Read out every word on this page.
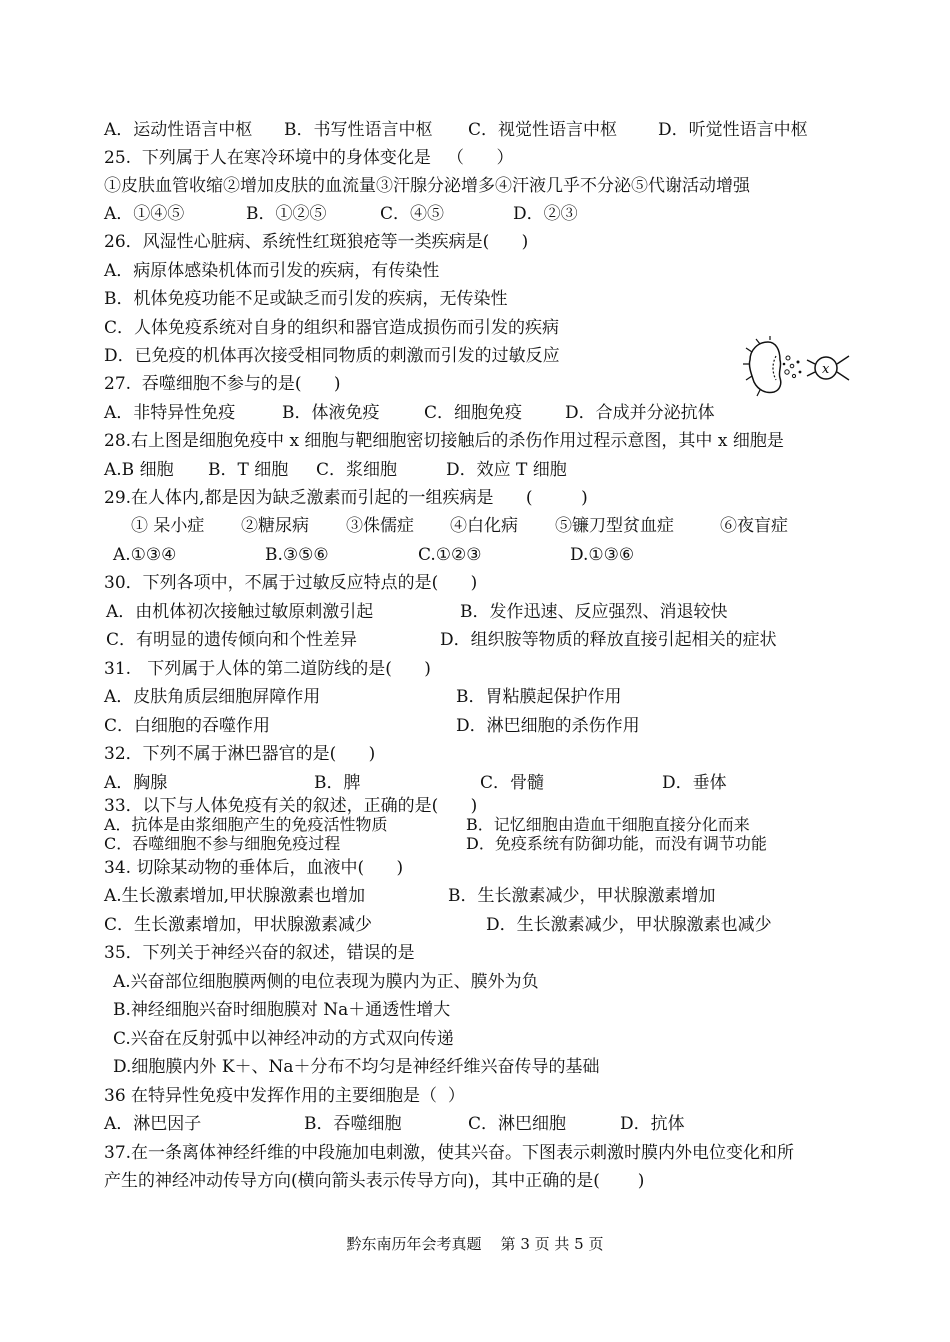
A．运动性语言中枢 B．书写性语言中枢 C．视觉性语言中枢 D．听觉性语言中枢
25.  下列属于人在寒冷环境中的身体变化是   （      ）
①皮肤血管收缩②增加皮肤的血流量③汗腺分泌增多④汗液几乎不分泌⑤代谢活动增强
A．①④⑤	B．①②⑤	C．④⑤	D．②③
26．风湿性心脏病、系统性红斑狼疮等一类疾病是(      )
A．病原体感染机体而引发的疾病，有传染性
B．机体免疫功能不足或缺乏而引发的疾病，无传染性
C．人体免疫系统对自身的组织和器官造成损伤而引发的疾病
D．已免疫的机体再次接受相同物质的刺激而引发的过敏反应
x
27.  吞噬细胞不参与的是(      )
A．非特异性免疫	B．体液免疫	C．细胞免疫	D．合成并分泌抗体
28.右上图是细胞免疫中 x 细胞与靶细胞密切接触后的杀伤作用过程示意图，其中 x 细胞是
A.B 细胞 B．T 细胞 C．浆细胞	D．效应 T 细胞
29.在人体内,都是因为缺乏激素而引起的一组疾病是      (         )
① 呆小症 ②糖尿病 ③侏儒症 ④白化病 ⑤镰刀型贫血症	⑥夜盲症
A.①③④	B.③⑤⑥	C.①②③	D.①③⑥
30．下列各项中，不属于过敏反应特点的是(      )
A．由机体初次接触过敏原刺激引起	B．发作迅速、反应强烈、消退较快
C．有明显的遗传倾向和个性差异	D．组织胺等物质的释放直接引起相关的症状
31.   下列属于人体的第二道防线的是(      )
A．皮肤角质层细胞屏障作用	B．胃粘膜起保护作用
C．白细胞的吞噬作用	D．淋巴细胞的杀伤作用
32．下列不属于淋巴器官的是(      )
A．胸腺	B．脾	C．骨髓	D．垂体
33．以下与人体免疫有关的叙述，正确的是(      )
A．抗体是由浆细胞产生的免疫活性物质	B．记忆细胞由造血干细胞直接分化而来
C．吞噬细胞不参与细胞免疫过程	D．免疫系统有防御功能，而没有调节功能
34. 切除某动物的垂体后，血液中(      )
A.生长激素增加,甲状腺激素也增加	B．生长激素减少，甲状腺激素增加
C．生长激素增加，甲状腺激素减少	D．生长激素减少，甲状腺激素也减少
35．下列关于神经兴奋的叙述，错误的是
A.兴奋部位细胞膜两侧的电位表现为膜内为正、膜外为负
B.神经细胞兴奋时细胞膜对 Na＋通透性增大
C.兴奋在反射弧中以神经冲动的方式双向传递
D.细胞膜内外 K＋、Na＋分布不均匀是神经纤维兴奋传导的基础
36 在特异性免疫中发挥作用的主要细胞是（  ）
A．淋巴因子	B．吞噬细胞	C．淋巴细胞	D．抗体
37.在一条离体神经纤维的中段施加电刺激，使其兴奋。下图表示刺激时膜内外电位变化和所
产生的神经冲动传导方向(横向箭头表示传导方向)，其中正确的是(       )
黔东南历年会考真题    第 3 页 共 5 页
